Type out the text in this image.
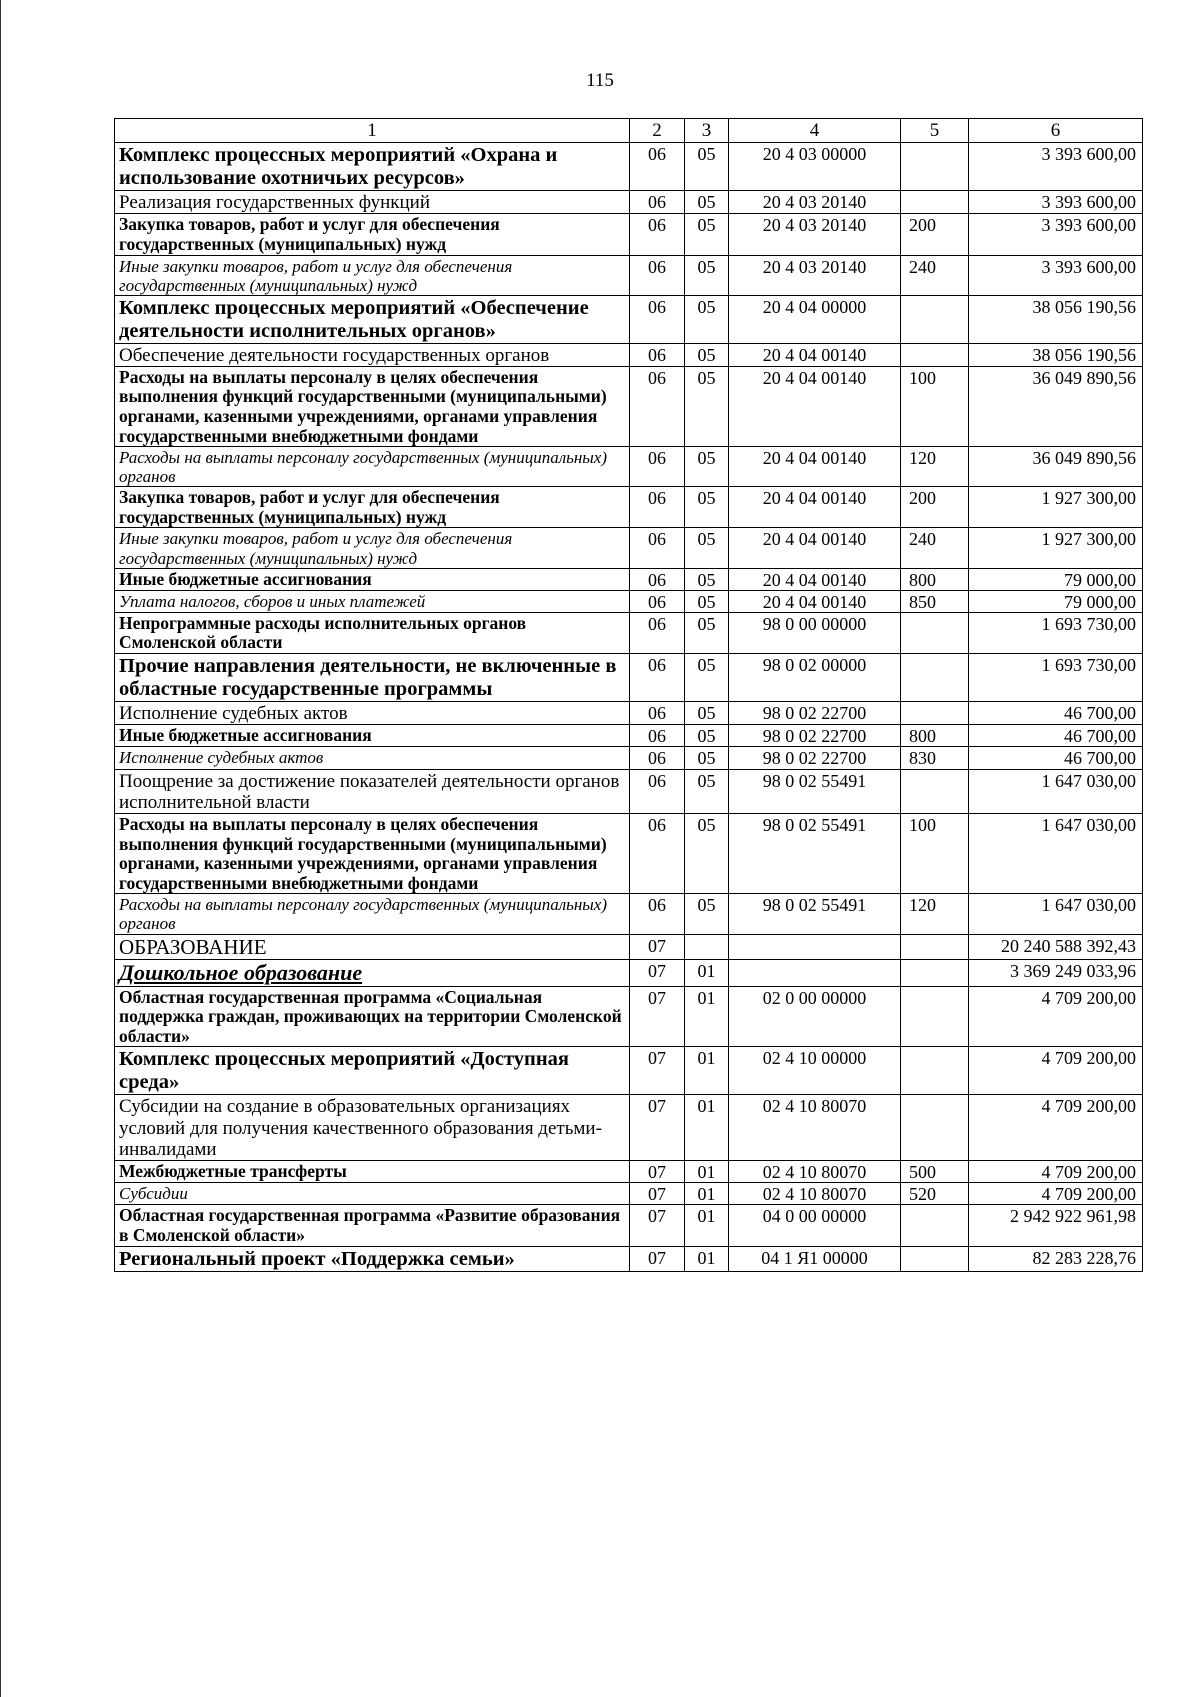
115
1	2	3	4	5	6
Комплекс процессных мероприятий «Охрана и использование охотничьих ресурсов»	06	05	20 4 03 00000		3 393 600,00
Реализация государственных функций	06	05	20 4 03 20140		3 393 600,00
Закупка товаров, работ и услуг для обеспечения государственных (муниципальных) нужд	06	05	20 4 03 20140	200	3 393 600,00
Иные закупки товаров, работ и услуг для обеспечения государственных (муниципальных) нужд	06	05	20 4 03 20140	240	3 393 600,00
Комплекс процессных мероприятий «Обеспечение деятельности исполнительных органов»	06	05	20 4 04 00000		38 056 190,56
Обеспечение деятельности государственных органов	06	05	20 4 04 00140		38 056 190,56
Расходы на выплаты персоналу в целях обеспечения выполнения функций государственными (муниципальными) органами, казенными учреждениями, органами управления государственными внебюджетными фондами	06	05	20 4 04 00140	100	36 049 890,56
Расходы на выплаты персоналу государственных (муниципальных) органов	06	05	20 4 04 00140	120	36 049 890,56
Закупка товаров, работ и услуг для обеспечения государственных (муниципальных) нужд	06	05	20 4 04 00140	200	1 927 300,00
Иные закупки товаров, работ и услуг для обеспечения государственных (муниципальных) нужд	06	05	20 4 04 00140	240	1 927 300,00
Иные бюджетные ассигнования	06	05	20 4 04 00140	800	79 000,00
Уплата налогов, сборов и иных платежей	06	05	20 4 04 00140	850	79 000,00
Непрограммные расходы исполнительных органов Смоленской области	06	05	98 0 00 00000		1 693 730,00
Прочие направления деятельности, не включенные в областные государственные программы	06	05	98 0 02 00000		1 693 730,00
Исполнение судебных актов	06	05	98 0 02 22700		46 700,00
Иные бюджетные ассигнования	06	05	98 0 02 22700	800	46 700,00
Исполнение судебных актов	06	05	98 0 02 22700	830	46 700,00
Поощрение за достижение показателей деятельности органов исполнительной власти	06	05	98 0 02 55491		1 647 030,00
Расходы на выплаты персоналу в целях обеспечения выполнения функций государственными (муниципальными) органами, казенными учреждениями, органами управления государственными внебюджетными фондами	06	05	98 0 02 55491	100	1 647 030,00
Расходы на выплаты персоналу государственных (муниципальных) органов	06	05	98 0 02 55491	120	1 647 030,00
ОБРАЗОВАНИЕ	07				20 240 588 392,43
Дошкольное образование	07	01			3 369 249 033,96
Областная государственная программа «Социальная поддержка граждан, проживающих на территории Смоленской области»	07	01	02 0 00 00000		4 709 200,00
Комплекс процессных мероприятий «Доступная среда»	07	01	02 4 10 00000		4 709 200,00
Субсидии на создание в образовательных организациях условий для получения качественного образования детьми-инвалидами	07	01	02 4 10 80070		4 709 200,00
Межбюджетные трансферты	07	01	02 4 10 80070	500	4 709 200,00
Субсидии	07	01	02 4 10 80070	520	4 709 200,00
Областная государственная программа «Развитие образования в Смоленской области»	07	01	04 0 00 00000		2 942 922 961,98
Региональный проект «Поддержка семьи»	07	01	04 1 Я1 00000		82 283 228,76
